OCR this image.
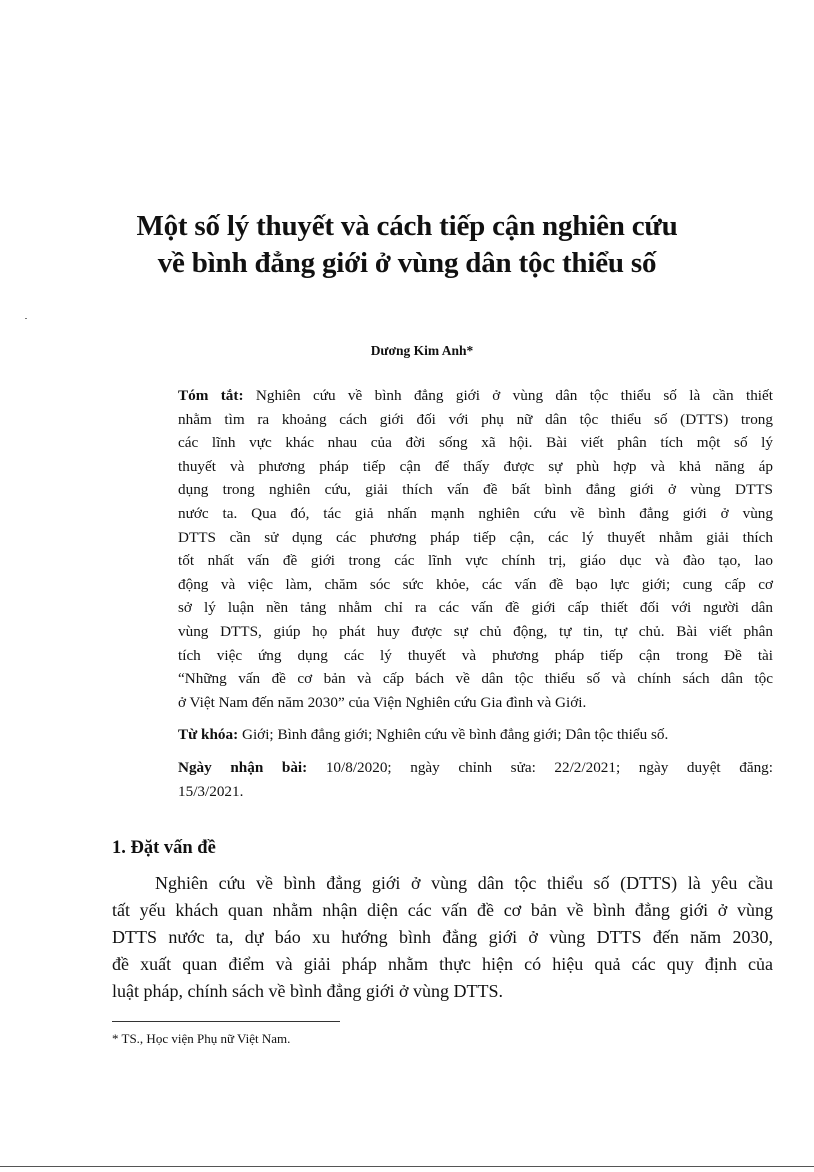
Một số lý thuyết và cách tiếp cận nghiên cứu
về bình đẳng giới ở vùng dân tộc thiểu số
Dương Kim Anh*
Tóm tắt: Nghiên cứu về bình đẳng giới ở vùng dân tộc thiểu số là cần thiết
nhằm tìm ra khoảng cách giới đối với phụ nữ dân tộc thiểu số (DTTS) trong
các lĩnh vực khác nhau của đời sống xã hội. Bài viết phân tích một số lý
thuyết và phương pháp tiếp cận để thấy được sự phù hợp và khả năng áp
dụng trong nghiên cứu, giải thích vấn đề bất bình đẳng giới ở vùng DTTS
nước ta. Qua đó, tác giả nhấn mạnh nghiên cứu về bình đẳng giới ở vùng
DTTS cần sử dụng các phương pháp tiếp cận, các lý thuyết nhằm giải thích
tốt nhất vấn đề giới trong các lĩnh vực chính trị, giáo dục và đào tạo, lao
động và việc làm, chăm sóc sức khỏe, các vấn đề bạo lực giới; cung cấp cơ
sở lý luận nền tảng nhằm chỉ ra các vấn đề giới cấp thiết đối với người dân
vùng DTTS, giúp họ phát huy được sự chủ động, tự tin, tự chủ. Bài viết phân
tích việc ứng dụng các lý thuyết và phương pháp tiếp cận trong Đề tài
“Những vấn đề cơ bản và cấp bách về dân tộc thiểu số và chính sách dân tộc
ở Việt Nam đến năm 2030” của Viện Nghiên cứu Gia đình và Giới.
Từ khóa: Giới; Bình đẳng giới; Nghiên cứu về bình đẳng giới; Dân tộc thiểu số.
Ngày nhận bài: 10/8/2020; ngày chỉnh sửa: 22/2/2021; ngày duyệt đăng:
15/3/2021.
1. Đặt vấn đề
Nghiên cứu về bình đẳng giới ở vùng dân tộc thiểu số (DTTS) là yêu cầu
tất yếu khách quan nhằm nhận diện các vấn đề cơ bản về bình đẳng giới ở vùng
DTTS nước ta, dự báo xu hướng bình đẳng giới ở vùng DTTS đến năm 2030,
đề xuất quan điểm và giải pháp nhằm thực hiện có hiệu quả các quy định của
luật pháp, chính sách về bình đẳng giới ở vùng DTTS.
* TS., Học viện Phụ nữ Việt Nam.
